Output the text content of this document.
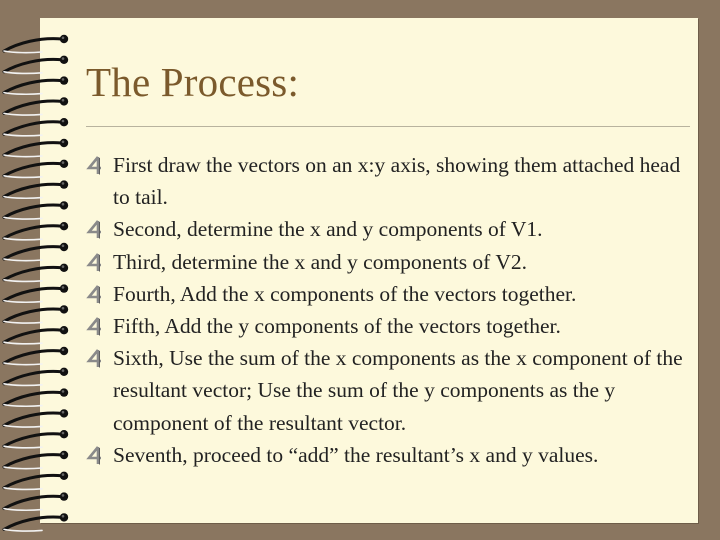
The Process:
First draw the vectors on an x:y axis, showing them attached head to tail.
Second, determine the x and y components of V1.
Third, determine the x and y components of V2.
Fourth, Add the x components of the vectors together.
Fifth, Add the y components of the vectors together.
Sixth, Use the sum of the x components as the x component of the resultant vector; Use the sum of the y components as the y component of the resultant vector.
Seventh, proceed to “add” the resultant’s x and y values.
